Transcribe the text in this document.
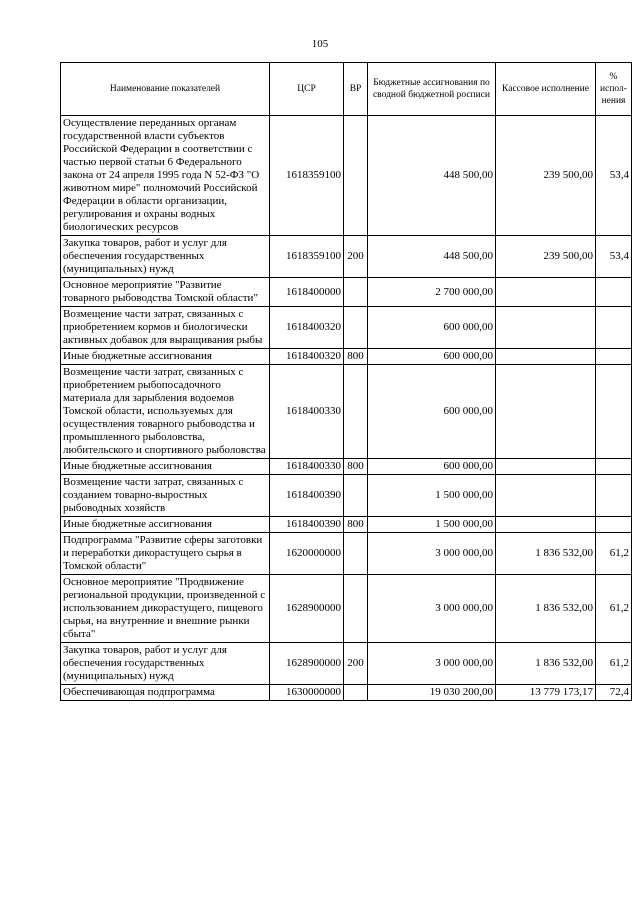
105
Наименование показателей	ЦСР	ВР	Бюджетные ассигнования по сводной бюджетной росписи	Кассовое исполнение	% испол-нения
Осуществление переданных органам государственной власти субъектов Российской Федерации в соответствии с частью первой статьи 6 Федерального закона от 24 апреля 1995 года N 52-ФЗ "О животном мире" полномочий Российской Федерации в области организации, регулирования и охраны водных биологических ресурсов	1618359100		448 500,00	239 500,00	53,4
Закупка товаров, работ и услуг для обеспечения государственных (муниципальных) нужд	1618359100	200	448 500,00	239 500,00	53,4
Основное мероприятие "Развитие товарного рыбоводства Томской области"	1618400000		2 700 000,00		
Возмещение части затрат, связанных с приобретением кормов и биологически активных добавок для выращивания рыбы	1618400320		600 000,00		
Иные бюджетные ассигнования	1618400320	800	600 000,00		
Возмещение части затрат, связанных с приобретением рыбопосадочного материала для зарыбления водоемов Томской области, используемых для осуществления товарного рыбоводства и промышленного рыболовства, любительского и спортивного рыболовства	1618400330		600 000,00		
Иные бюджетные ассигнования	1618400330	800	600 000,00		
Возмещение части затрат, связанных с созданием товарно-выростных рыбоводных хозяйств	1618400390		1 500 000,00		
Иные бюджетные ассигнования	1618400390	800	1 500 000,00		
Подпрограмма "Развитие сферы заготовки и переработки дикорастущего сырья в Томской области"	1620000000		3 000 000,00	1 836 532,00	61,2
Основное мероприятие "Продвижение региональной продукции, произведенной с использованием дикорастущего, пищевого сырья, на внутренние и внешние рынки сбыта"	1628900000		3 000 000,00	1 836 532,00	61,2
Закупка товаров, работ и услуг для обеспечения государственных (муниципальных) нужд	1628900000	200	3 000 000,00	1 836 532,00	61,2
Обеспечивающая подпрограмма	1630000000		19 030 200,00	13 779 173,17	72,4
